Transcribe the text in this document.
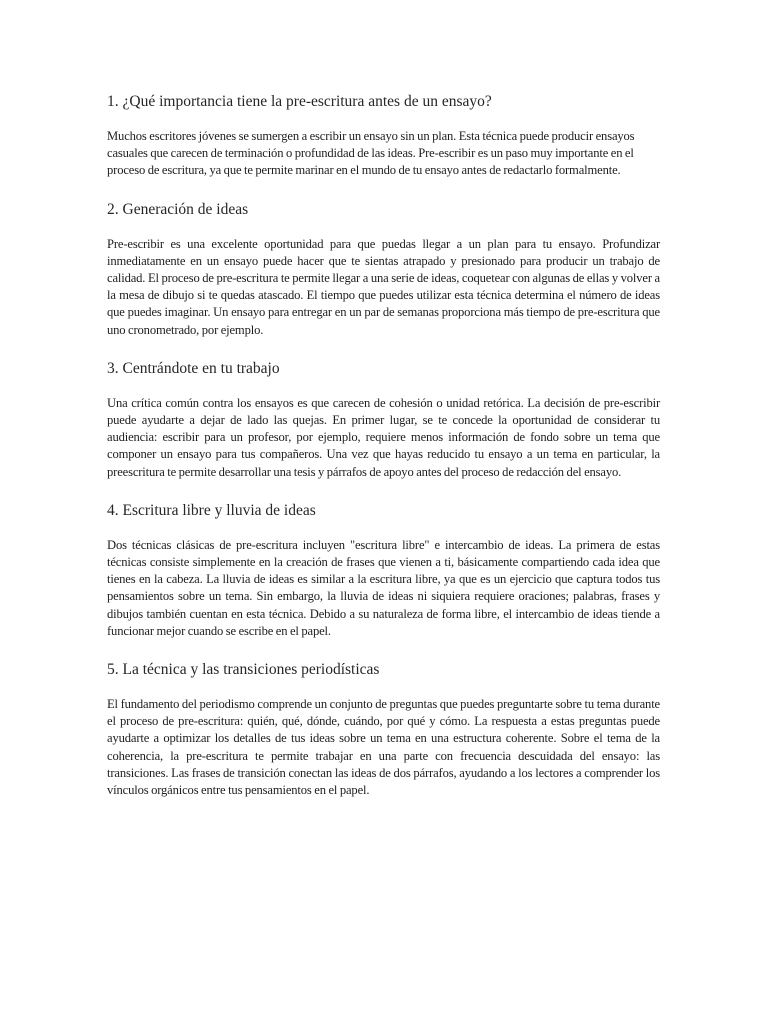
1. ¿Qué importancia tiene la pre-escritura antes de un ensayo?

Muchos escritores jóvenes se sumergen a escribir un ensayo sin un plan. Esta técnica puede producir ensayos casuales que carecen de terminación o profundidad de las ideas. Pre-escribir es un paso muy importante en el proceso de escritura, ya que te permite marinar en el mundo de tu ensayo antes de redactarlo formalmente.

2. Generación de ideas

Pre-escribir es una excelente oportunidad para que puedas llegar a un plan para tu ensayo. Profundizar inmediatamente en un ensayo puede hacer que te sientas atrapado y presionado para producir un trabajo de calidad. El proceso de pre-escritura te permite llegar a una serie de ideas, coquetear con algunas de ellas y volver a la mesa de dibujo si te quedas atascado. El tiempo que puedes utilizar esta técnica determina el número de ideas que puedes imaginar. Un ensayo para entregar en un par de semanas proporciona más tiempo de pre-escritura que uno cronometrado, por ejemplo.

3. Centrándote en tu trabajo

Una crítica común contra los ensayos es que carecen de cohesión o unidad retórica. La decisión de pre-escribir puede ayudarte a dejar de lado las quejas. En primer lugar, se te concede la oportunidad de considerar tu audiencia: escribir para un profesor, por ejemplo, requiere menos información de fondo sobre un tema que componer un ensayo para tus compañeros. Una vez que hayas reducido tu ensayo a un tema en particular, la preescritura te permite desarrollar una tesis y párrafos de apoyo antes del proceso de redacción del ensayo.

4. Escritura libre y lluvia de ideas

Dos técnicas clásicas de pre-escritura incluyen "escritura libre" e intercambio de ideas. La primera de estas técnicas consiste simplemente en la creación de frases que vienen a ti, básicamente compartiendo cada idea que tienes en la cabeza. La lluvia de ideas es similar a la escritura libre, ya que es un ejercicio que captura todos tus pensamientos sobre un tema. Sin embargo, la lluvia de ideas ni siquiera requiere oraciones; palabras, frases y dibujos también cuentan en esta técnica. Debido a su naturaleza de forma libre, el intercambio de ideas tiende a funcionar mejor cuando se escribe en el papel.

5. La técnica y las transiciones periodísticas

El fundamento del periodismo comprende un conjunto de preguntas que puedes preguntarte sobre tu tema durante el proceso de pre-escritura: quién, qué, dónde, cuándo, por qué y cómo. La respuesta a estas preguntas puede ayudarte a optimizar los detalles de tus ideas sobre un tema en una estructura coherente. Sobre el tema de la coherencia, la pre-escritura te permite trabajar en una parte con frecuencia descuidada del ensayo: las transiciones. Las frases de transición conectan las ideas de dos párrafos, ayudando a los lectores a comprender los vínculos orgánicos entre tus pensamientos en el papel.
